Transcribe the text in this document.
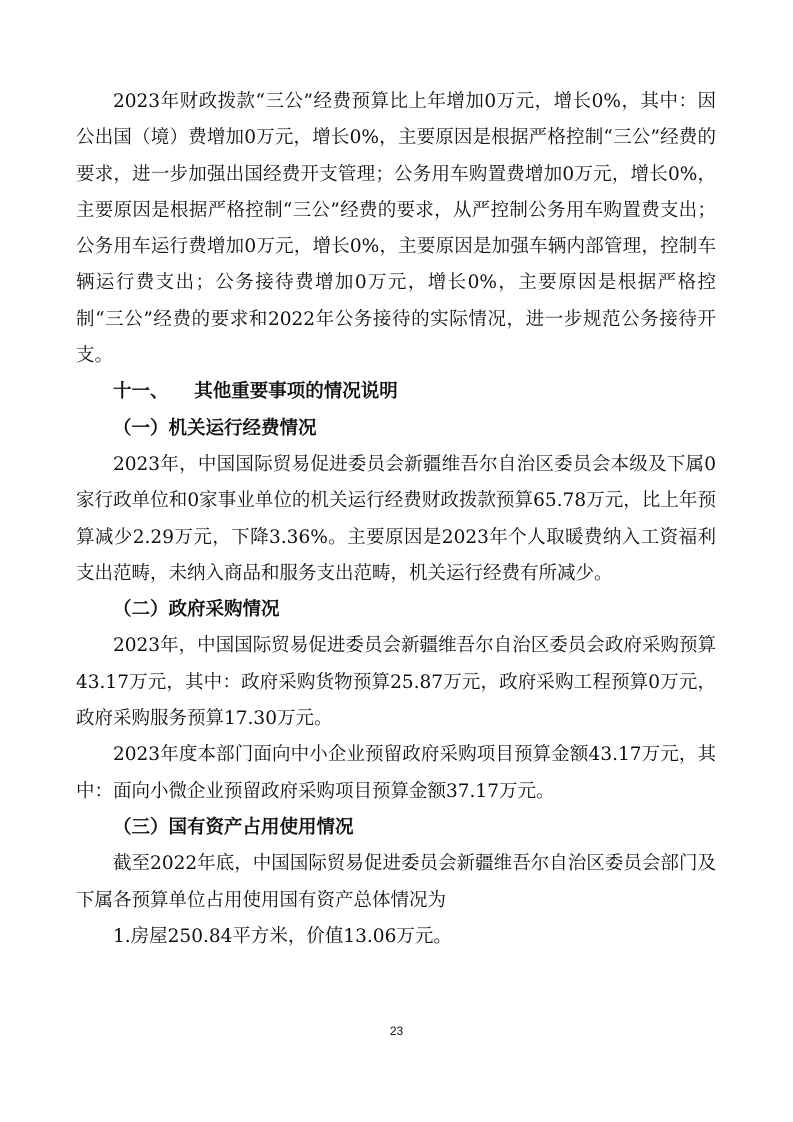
2023年财政拨款“三公”经费预算比上年增加0万元，增长0%，其中：因公出国（境）费增加0万元，增长0%，主要原因是根据严格控制“三公”经费的要求，进一步加强出国经费开支管理；公务用车购置费增加0万元，增长0%，主要原因是根据严格控制“三公”经费的要求，从严控制公务用车购置费支出；公务用车运行费增加0万元，增长0%，主要原因是加强车辆内部管理，控制车辆运行费支出；公务接待费增加0万元，增长0%，主要原因是根据严格控制“三公”经费的要求和2022年公务接待的实际情况，进一步规范公务接待开支。

十一、    其他重要事项的情况说明

（一）机关运行经费情况

2023年，中国国际贸易促进委员会新疆维吾尔自治区委员会本级及下属0家行政单位和0家事业单位的机关运行经费财政拨款预算65.78万元，比上年预算减少2.29万元，下降3.36%。主要原因是2023年个人取暖费纳入工资福利支出范畴，未纳入商品和服务支出范畴，机关运行经费有所减少。

（二）政府采购情况

2023年，中国国际贸易促进委员会新疆维吾尔自治区委员会政府采购预算43.17万元，其中：政府采购货物预算25.87万元，政府采购工程预算0万元，政府采购服务预算17.30万元。

2023年度本部门面向中小企业预留政府采购项目预算金额43.17万元，其中：面向小微企业预留政府采购项目预算金额37.17万元。

（三）国有资产占用使用情况

截至2022年底，中国国际贸易促进委员会新疆维吾尔自治区委员会部门及下属各预算单位占用使用国有资产总体情况为

1.房屋250.84平方米，价值13.06万元。

23
